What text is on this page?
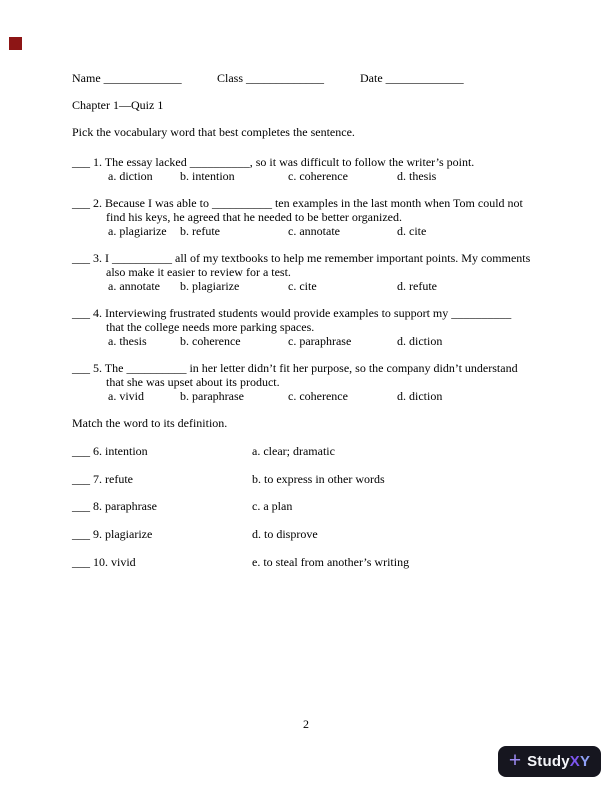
Name _____________	Class _____________	Date _____________
Chapter 1—Quiz 1
Pick the vocabulary word that best completes the sentence.
___ 1. The essay lacked __________, so it was difficult to follow the writer’s point.
a. diction b. intention	c. coherence	d. thesis
___ 2. Because I was able to __________ ten examples in the last month when Tom could not
find his keys, he agreed that he needed to be better organized.
a. plagiarize b. refute	c. annotate	d. cite
___ 3. I __________ all of my textbooks to help me remember important points. My comments
also make it easier to review for a test.
a. annotate b. plagiarize	c. cite	d. refute
___ 4. Interviewing frustrated students would provide examples to support my __________
that the college needs more parking spaces.
a. thesis	b. coherence	c. paraphrase	d. diction
___ 5. The __________ in her letter didn’t fit her purpose, so the company didn’t understand
that she was upset about its product.
a. vivid	b. paraphrase	c. coherence	d. diction
Match the word to its definition.
___ 6. intention	a. clear; dramatic
___ 7. refute	b. to express in other words
___ 8. paraphrase	c. a plan
___ 9. plagiarize	d. to disprove
___ 10. vivid	e. to steal from another’s writing
2
+ StudyXY
